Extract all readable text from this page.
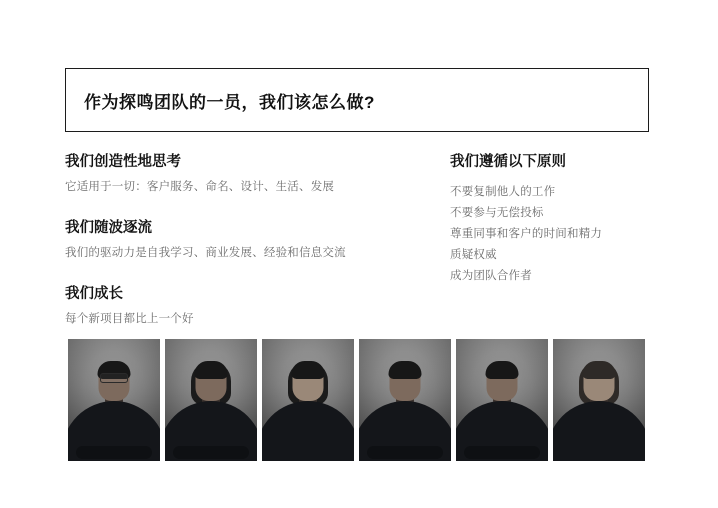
作为探鸣团队的一员，我们该怎么做?
我们创造性地思考
它适用于一切：客户服务、命名、设计、生活、发展
我们随波逐流
我们的驱动力是自我学习、商业发展、经验和信息交流
我们成长
每个新项目都比上一个好
我们遵循以下原则
不要复制他人的工作
不要参与无偿投标
尊重同事和客户的时间和精力
质疑权威
成为团队合作者
